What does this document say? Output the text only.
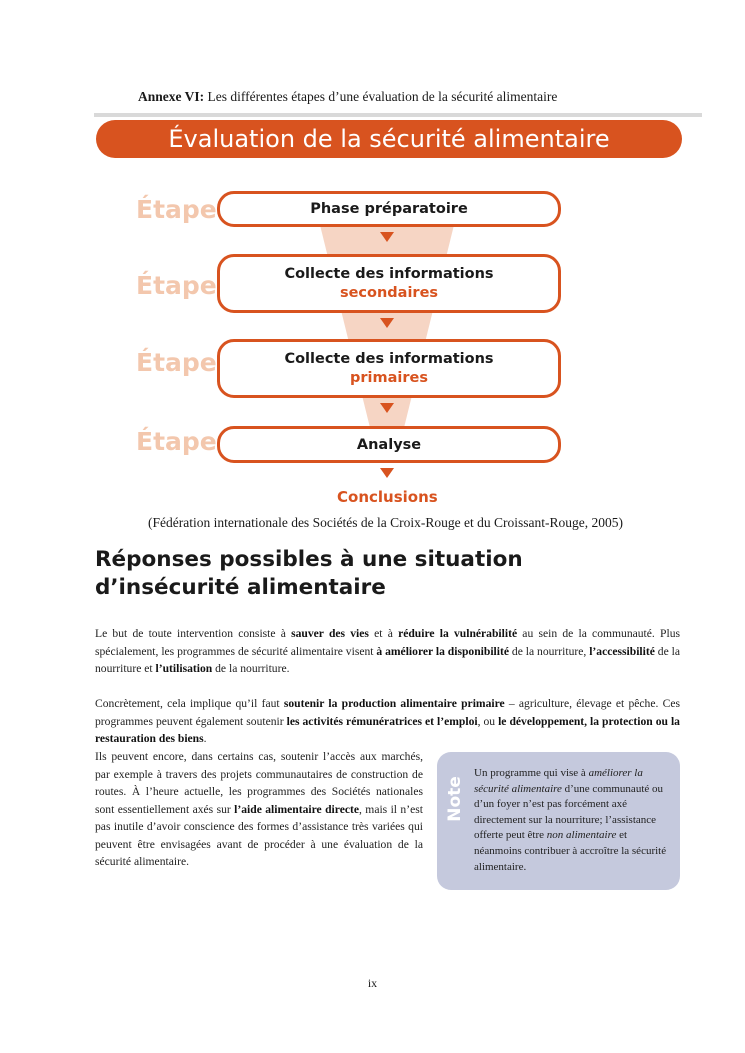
Annexe VI: Les différentes étapes d’une évaluation de la sécurité alimentaire
Évaluation de la sécurité alimentaire
Étape	Phase préparatoire
Étape	Collecte des informations
secondaires
Étape	Collecte des informations
primaires
Étape	Analyse
Conclusions
(Fédération internationale des Sociétés de la Croix-Rouge et du Croissant-Rouge, 2005)
Réponses possibles à une situation
d’insécurité alimentaire
Le but de toute intervention consiste à sauver des vies et à réduire la vulnérabilité au sein de la communauté. Plus spécialement, les programmes de sécurité alimentaire visent à améliorer la disponibilité de la nourriture, l’accessibilité de la nourriture et l’utilisation de la nourriture.
Concrètement, cela implique qu’il faut soutenir la production alimentaire primaire – agriculture, élevage et pêche. Ces programmes peuvent également soutenir les activités rémunératrices et l’emploi, ou le développement, la protection ou la restauration des biens.
Ils peuvent encore, dans certains cas, soutenir l’accès aux marchés, par exemple à travers des projets communautaires de construction de routes. À l’heure actuelle, les programmes des Sociétés nationales sont essentiellement axés sur l’aide alimentaire directe, mais il n’est pas inutile d’avoir conscience des formes d’assistance très variées qui peuvent être envisagées avant de procéder à une évaluation de la sécurité alimentaire.
Note
Un programme qui vise à améliorer la sécurité alimentaire d’une communauté ou d’un foyer n’est pas forcément axé directement sur la nourriture; l’assistance offerte peut être non alimentaire et néanmoins contribuer à accroître la sécurité alimentaire.
ix
